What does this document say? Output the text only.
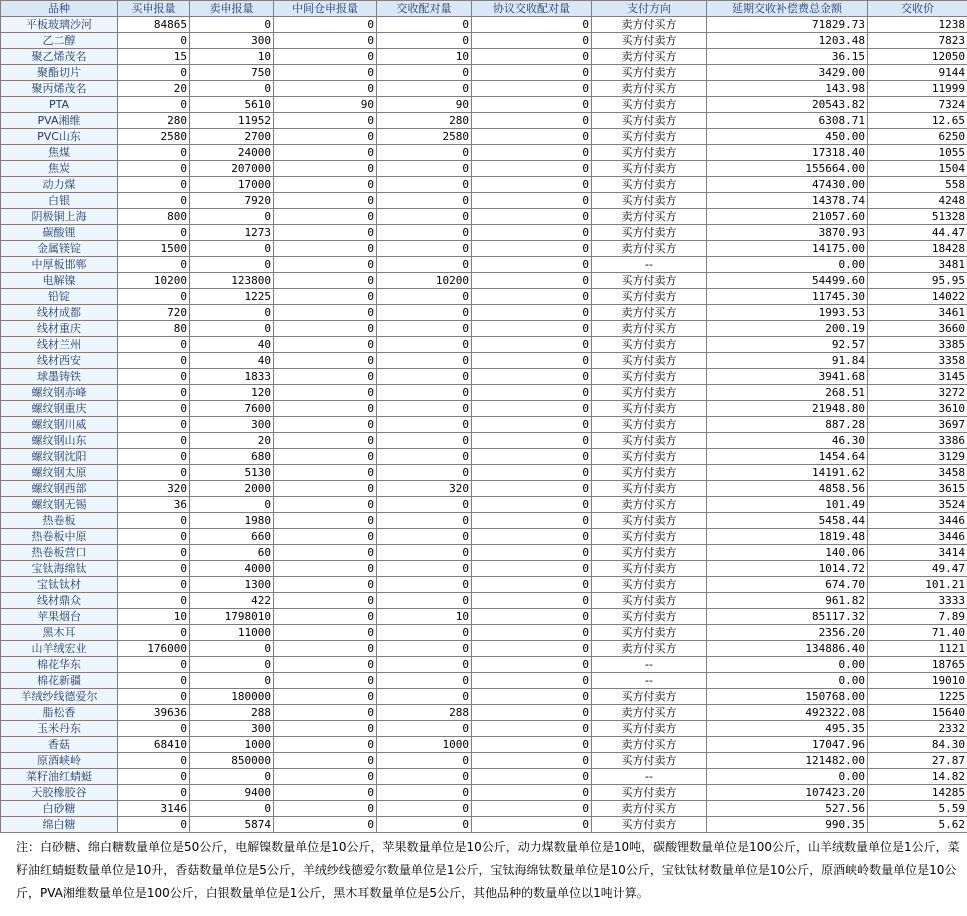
品种	买申报量	卖申报量	中间仓申报量	交收配对量	协议交收配对量	支付方向	延期交收补偿费总金额	交收价
平板玻璃沙河	84865	0	0	0	0	卖方付买方	71829.73	1238
乙二醇	0	300	0	0	0	买方付卖方	1203.48	7823
聚乙烯茂名	15	10	0	10	0	卖方付买方	36.15	12050
聚酯切片	0	750	0	0	0	买方付卖方	3429.00	9144
聚丙烯茂名	20	0	0	0	0	卖方付买方	143.98	11999
PTA	0	5610	90	90	0	买方付卖方	20543.82	7324
PVA湘维	280	11952	0	280	0	买方付卖方	6308.71	12.65
PVC山东	2580	2700	0	2580	0	买方付卖方	450.00	6250
焦煤	0	24000	0	0	0	买方付卖方	17318.40	1055
焦炭	0	207000	0	0	0	买方付卖方	155664.00	1504
动力煤	0	17000	0	0	0	买方付卖方	47430.00	558
白银	0	7920	0	0	0	买方付卖方	14378.74	4248
阴极铜上海	800	0	0	0	0	卖方付买方	21057.60	51328
碳酸锂	0	1273	0	0	0	买方付卖方	3870.93	44.47
金属镁锭	1500	0	0	0	0	卖方付买方	14175.00	18428
中厚板邯郸	0	0	0	0	0	--	0.00	3481
电解镍	10200	123800	0	10200	0	买方付卖方	54499.60	95.95
铅锭	0	1225	0	0	0	买方付卖方	11745.30	14022
线材成都	720	0	0	0	0	卖方付买方	1993.53	3461
线材重庆	80	0	0	0	0	卖方付买方	200.19	3660
线材兰州	0	40	0	0	0	买方付卖方	92.57	3385
线材西安	0	40	0	0	0	买方付卖方	91.84	3358
球墨铸铁	0	1833	0	0	0	买方付卖方	3941.68	3145
螺纹钢赤峰	0	120	0	0	0	买方付卖方	268.51	3272
螺纹钢重庆	0	7600	0	0	0	买方付卖方	21948.80	3610
螺纹钢川威	0	300	0	0	0	买方付卖方	887.28	3697
螺纹钢山东	0	20	0	0	0	买方付卖方	46.30	3386
螺纹钢沈阳	0	680	0	0	0	买方付卖方	1454.64	3129
螺纹钢太原	0	5130	0	0	0	买方付卖方	14191.62	3458
螺纹钢西部	320	2000	0	320	0	买方付卖方	4858.56	3615
螺纹钢无锡	36	0	0	0	0	卖方付买方	101.49	3524
热卷板	0	1980	0	0	0	买方付卖方	5458.44	3446
热卷板中原	0	660	0	0	0	买方付卖方	1819.48	3446
热卷板营口	0	60	0	0	0	买方付卖方	140.06	3414
宝钛海绵钛	0	4000	0	0	0	买方付卖方	1014.72	49.47
宝钛钛材	0	1300	0	0	0	买方付卖方	674.70	101.21
线材鼎众	0	422	0	0	0	买方付卖方	961.82	3333
苹果烟台	10	1798010	0	10	0	买方付卖方	85117.32	7.89
黑木耳	0	11000	0	0	0	买方付卖方	2356.20	71.40
山羊绒宏业	176000	0	0	0	0	卖方付买方	134886.40	1121
棉花华东	0	0	0	0	0	--	0.00	18765
棉花新疆	0	0	0	0	0	--	0.00	19010
羊绒纱线德爱尔	0	180000	0	0	0	买方付卖方	150768.00	1225
脂松香	39636	288	0	288	0	卖方付买方	492322.08	15640
玉米丹东	0	300	0	0	0	买方付卖方	495.35	2332
香菇	68410	1000	0	1000	0	卖方付买方	17047.96	84.30
原酒峡岭	0	850000	0	0	0	买方付卖方	121482.00	27.87
菜籽油红蜻蜓	0	0	0	0	0	--	0.00	14.82
天胶橡胶谷	0	9400	0	0	0	买方付卖方	107423.20	14285
白砂糖	3146	0	0	0	0	卖方付买方	527.56	5.59
绵白糖	0	5874	0	0	0	买方付卖方	990.35	5.62
注：白砂糖、绵白糖数量单位是50公斤，电解镍数量单位是10公斤，苹果数量单位是10公斤，动力煤数量单位是10吨，碳酸锂数量单位是100公斤，山羊绒数量单位是1公斤，菜籽油红蜻蜓数量单位是10升，香菇数量单位是5公斤，羊绒纱线德爱尔数量单位是1公斤，宝钛海绵钛数量单位是10公斤，宝钛钛材数量单位是10公斤，原酒峡岭数量单位是10公斤，PVA湘维数量单位是100公斤，白银数量单位是1公斤，黑木耳数量单位是5公斤，其他品种的数量单位以1吨计算。
